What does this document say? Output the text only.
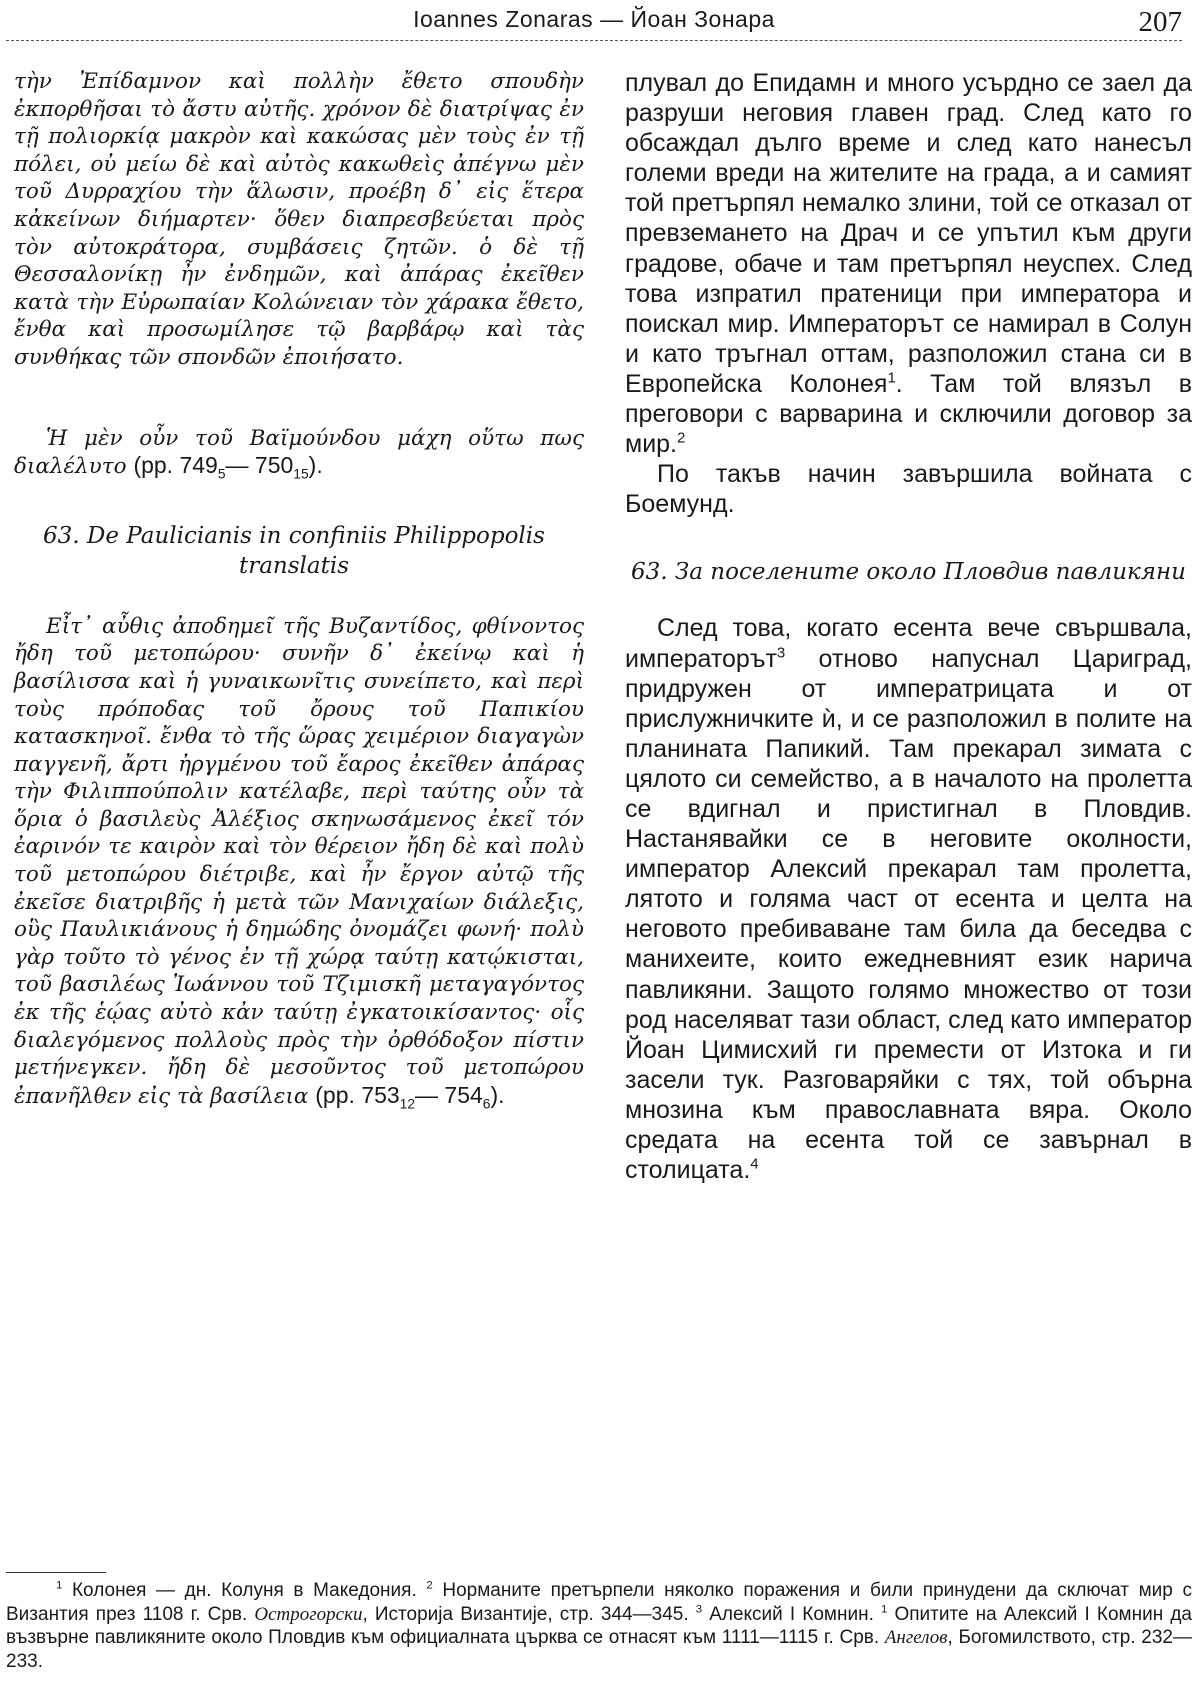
Ioannes Zonaras — Йоан Зонара	207

τὴν Ἐπίδαμνον καὶ πολλὴν ἔθετο σπουδὴν ἐκπορθῆσαι τὸ ἄστυ αὐτῆς. χρόνον δὲ διατρίψας ἐν τῇ πολιορκίᾳ μακρὸν καὶ κακώσας μὲν τοὺς ἐν τῇ πόλει, οὐ μείω δὲ καὶ αὐτὸς κακωθεὶς ἀπέγνω μὲν τοῦ Δυρραχίου τὴν ἅλωσιν, προέβη δ᾽ εἰς ἕτερα κἀκείνων διήμαρτεν· ὅθεν διαπρεσβεύεται πρὸς τὸν αὐτοκράτορα, συμβάσεις ζητῶν. ὁ δὲ τῇ Θεσσαλονίκῃ ἦν ἐνδημῶν, καὶ ἀπάρας ἐκεῖθεν κατὰ τὴν Εὐρωπαίαν Κολώνειαν τὸν χάρακα ἔθετο, ἔνθα καὶ προσωμίλησε τῷ βαρβάρῳ καὶ τὰς συνθήκας τῶν σπονδῶν ἐποιήσατο.

Ἡ μὲν οὖν τοῦ Βαϊμούνδου μάχη οὕτω πως διαλέλυτο (pp. $749_5—$ $750_{15}$).

63. De Paulicianis in confiniis Philippopolis translatis

Εἶτ᾽ αὖθις ἀποδημεῖ τῆς Βυζαντίδος, φθίνοντος ἤδη τοῦ μετοπώρου· συνῆν δ᾽ ἐκείνῳ καὶ ἡ βασίλισσα καὶ ἡ γυναικωνῖτις συνείπετο, καὶ περὶ τοὺς πρόποδας τοῦ ὄρους τοῦ Παπικίου κατασκηνοῖ. ἔνθα τὸ τῆς ὥρας χειμέριον διαγαγὼν παγγενῆ, ἄρτι ἠργμένου τοῦ ἔαρος ἐκεῖθεν ἀπάρας τὴν Φιλιππούπολιν κατέλαβε, περὶ ταύτης οὖν τὰ ὅρια ὁ βασιλεὺς Ἀλέξιος σκηνωσάμενος ἐκεῖ τόν ἐαρινόν τε καιρὸν καὶ τὸν θέρειον ἤδη δὲ καὶ πολὺ τοῦ μετοπώρου διέτριβε, καὶ ἦν ἔργον αὐτῷ τῆς ἐκεῖσε διατριβῆς ἡ μετὰ τῶν Μανιχαίων διάλεξις, οὓς Παυλικιάνους ἡ δημώδης ὀνομάζει φωνή· πολὺ γὰρ τοῦτο τὸ γένος ἐν τῇ χώρᾳ ταύτῃ κατῴκισται, τοῦ βασιλέως Ἰωάννου τοῦ Τζιμισκῆ μεταγαγόντος ἐκ τῆς ἑῴας αὐτὸ κἀν ταύτῃ ἐγκατοικίσαντος· οἷς διαλεγόμενος πολλοὺς πρὸς τὴν ὀρθόδοξον πίστιν μετήνεγκεν. ἤδη δὲ μεσοῦντος τοῦ μετοπώρου ἐπανῆλθεν εἰς τὰ βασίλεια (pp. $753_{12}—$ $754_6$).

плувал до Епидамн и много усърдно се заел да разруши неговия главен град. След като го обсаждал дълго време и след като нанесъл големи вреди на жителите на града, а и самият той претърпял немалко злини, той се отказал от превземането на Драч и се упътил към други градове, обаче и там претърпял неуспех. След това изпратил пратеници при императора и поискал мир. Императорът се намирал в Солун и като тръгнал оттам, разположил стана си в Европейска Колонея$^1$. Там той влязъл в преговори с варварина и сключили договор за мир.$^2$

По такъв начин завършила войната с Боемунд.

63. За поселените около Пловдив павликяни

След това, когато есента вече свършвала, императорът$^3$ отново напуснал Цариград, придружен от императрицата и от прислужничките ѝ, и се разположил в полите на планината Папикий. Там прекарал зимата с цялото си семейство, а в началото на пролетта се вдигнал и пристигнал в Пловдив. Настанявайки се в неговите околности, император Алексий прекарал там пролетта, лятото и голяма част от есента и целта на неговото пребиваване там била да беседва с манихеите, които ежедневният език нарича павликяни. Защото голямо множество от този род населяват тази област, след като император Йоан Цимисхий ги премести от Изтока и ги засели тук. Разговаряйки с тях, той обърна мнозина към православната вяра. Около средата на есента той се завърнал в столицата.$^4$

$^1$ Колонея — дн. Колуня в Македония. $^2$ Норманите претърпели няколко поражения и били принудени да сключат мир с Византия през 1108 г. Срв. Острогорски, Историја Византије, стр. 344—345. $^3$ Алексий I Комнин. $^1$ Опитите на Алексий I Комнин да възвърне павликяните около Пловдив към официалната църква се отнасят към 1111—1115 г. Срв. Ангелов, Богомилството, стр. 232—233.
